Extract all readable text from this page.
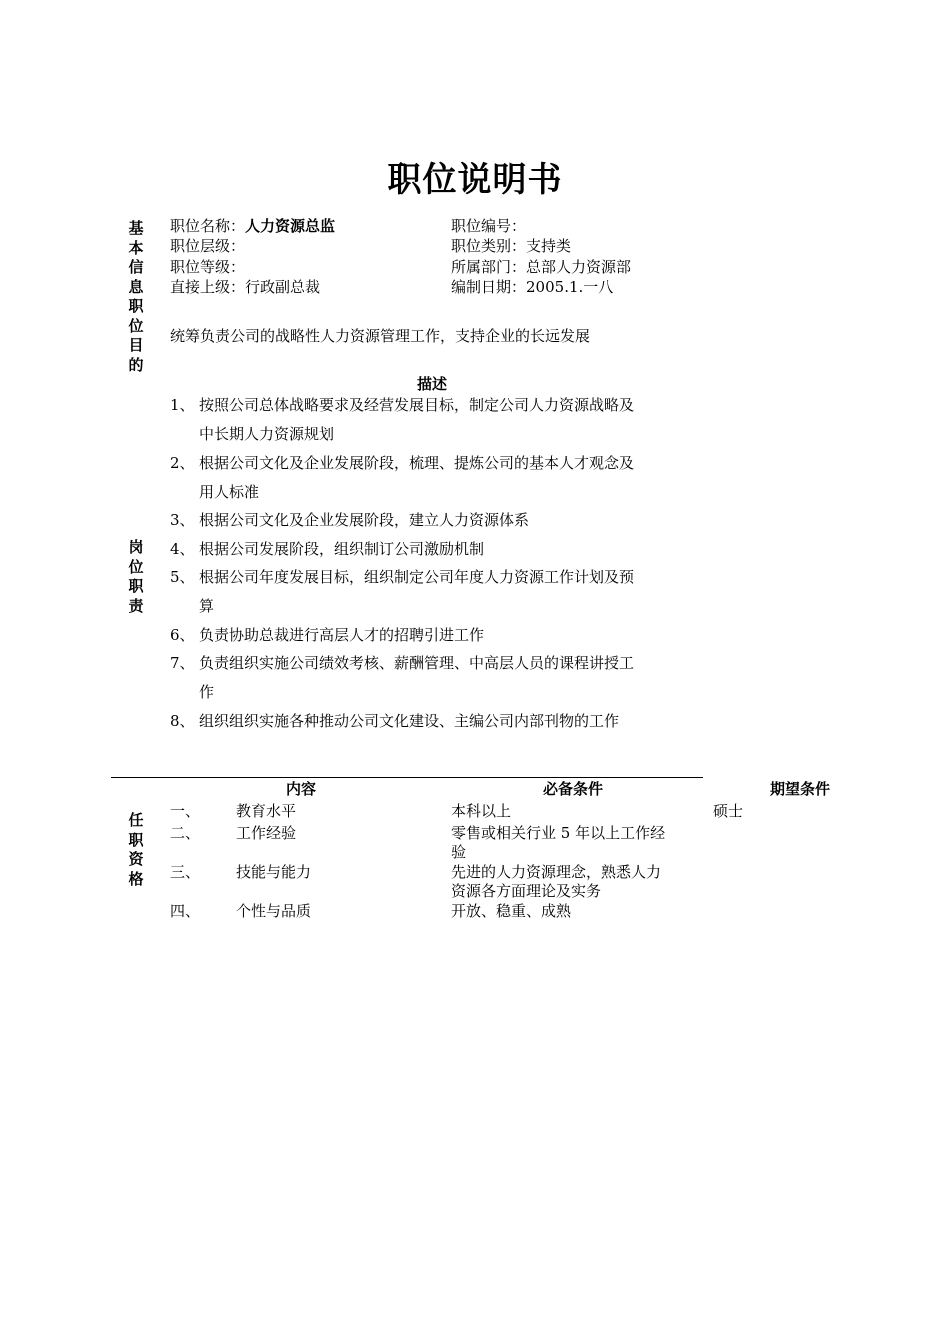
职位说明书
基
本
信
息
职位名称：人力资源总监	职位编号：
职位层级：	职位类别：支持类
职位等级：	所属部门：总部人力资源部
直接上级：行政副总裁	编制日期：2005.1.一八
职
位
目
的
统筹负责公司的战略性人力资源管理工作，支持企业的长远发展
描述
岗
位
职
责
1、 按照公司总体战略要求及经营发展目标，制定公司人力资源战略及
中长期人力资源规划
2、 根据公司文化及企业发展阶段，梳理、提炼公司的基本人才观念及
用人标准
3、 根据公司文化及企业发展阶段，建立人力资源体系
4、 根据公司发展阶段，组织制订公司激励机制
5、 根据公司年度发展目标，组织制定公司年度人力资源工作计划及预
算
6、 负责协助总裁进行高层人才的招聘引进工作
7、 负责组织实施公司绩效考核、薪酬管理、中高层人员的课程讲授工
作
8、 组织组织实施各种推动公司文化建设、主编公司内部刊物的工作
内容	必备条件	期望条件
任
职
资
格
一、 教育水平	本科以上	硕士
二、 工作经验	零售或相关行业 5 年以上工作经
验
三、 技能与能力	先进的人力资源理念，熟悉人力
资源各方面理论及实务
四、 个性与品质	开放、稳重、成熟
